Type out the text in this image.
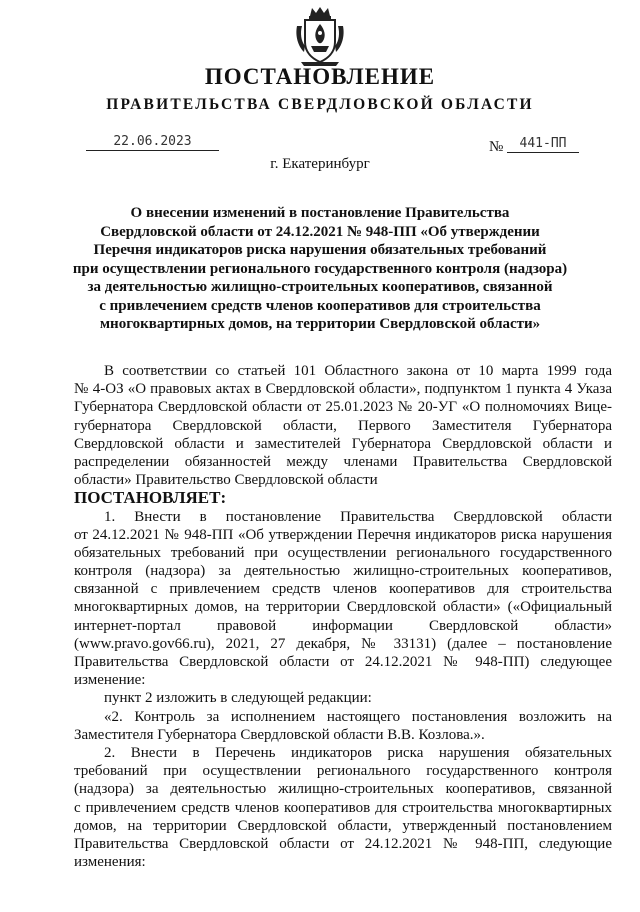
ПОСТАНОВЛЕНИЕ
ПРАВИТЕЛЬСТВА СВЕРДЛОВСКОЙ ОБЛАСТИ
22.06.2023	№	441-ПП
г. Екатеринбург
О внесении изменений в постановление Правительства
Свердловской области от 24.12.2021 № 948-ПП «Об утверждении
Перечня индикаторов риска нарушения обязательных требований
при осуществлении регионального государственного контроля (надзора)
за деятельностью жилищно-строительных кооперативов, связанной
с привлечением средств членов кооперативов для строительства
многоквартирных домов, на территории Свердловской области»
В соответствии со статьей 101 Областного закона от 10 марта 1999 года
№ 4-ОЗ «О правовых актах в Свердловской области», подпунктом 1 пункта 4 Указа
Губернатора Свердловской области от 25.01.2023 № 20-УГ «О полномочиях Вице-
губернатора Свердловской области, Первого Заместителя Губернатора
Свердловской области и заместителей Губернатора Свердловской области и
распределении обязанностей между членами Правительства Свердловской
области» Правительство Свердловской области
ПОСТАНОВЛЯЕТ:
1. Внести в постановление Правительства Свердловской области
от 24.12.2021 № 948-ПП «Об утверждении Перечня индикаторов риска нарушения
обязательных требований при осуществлении регионального государственного
контроля (надзора) за деятельностью жилищно-строительных кооперативов,
связанной с привлечением средств членов кооперативов для строительства
многоквартирных домов, на территории Свердловской области» («Официальный
интернет-портал правовой информации Свердловской области»
(www.pravo.gov66.ru), 2021, 27 декабря, № 33131) (далее – постановление
Правительства Свердловской области от 24.12.2021 № 948-ПП) следующее
изменение:
пункт 2 изложить в следующей редакции:
«2. Контроль за исполнением настоящего постановления возложить на
Заместителя Губернатора Свердловской области В.В. Козлова.».
2. Внести в Перечень индикаторов риска нарушения обязательных
требований при осуществлении регионального государственного контроля
(надзора) за деятельностью жилищно-строительных кооперативов, связанной
с привлечением средств членов кооперативов для строительства многоквартирных
домов, на территории Свердловской области, утвержденный постановлением
Правительства Свердловской области от 24.12.2021 № 948-ПП, следующие
изменения:
